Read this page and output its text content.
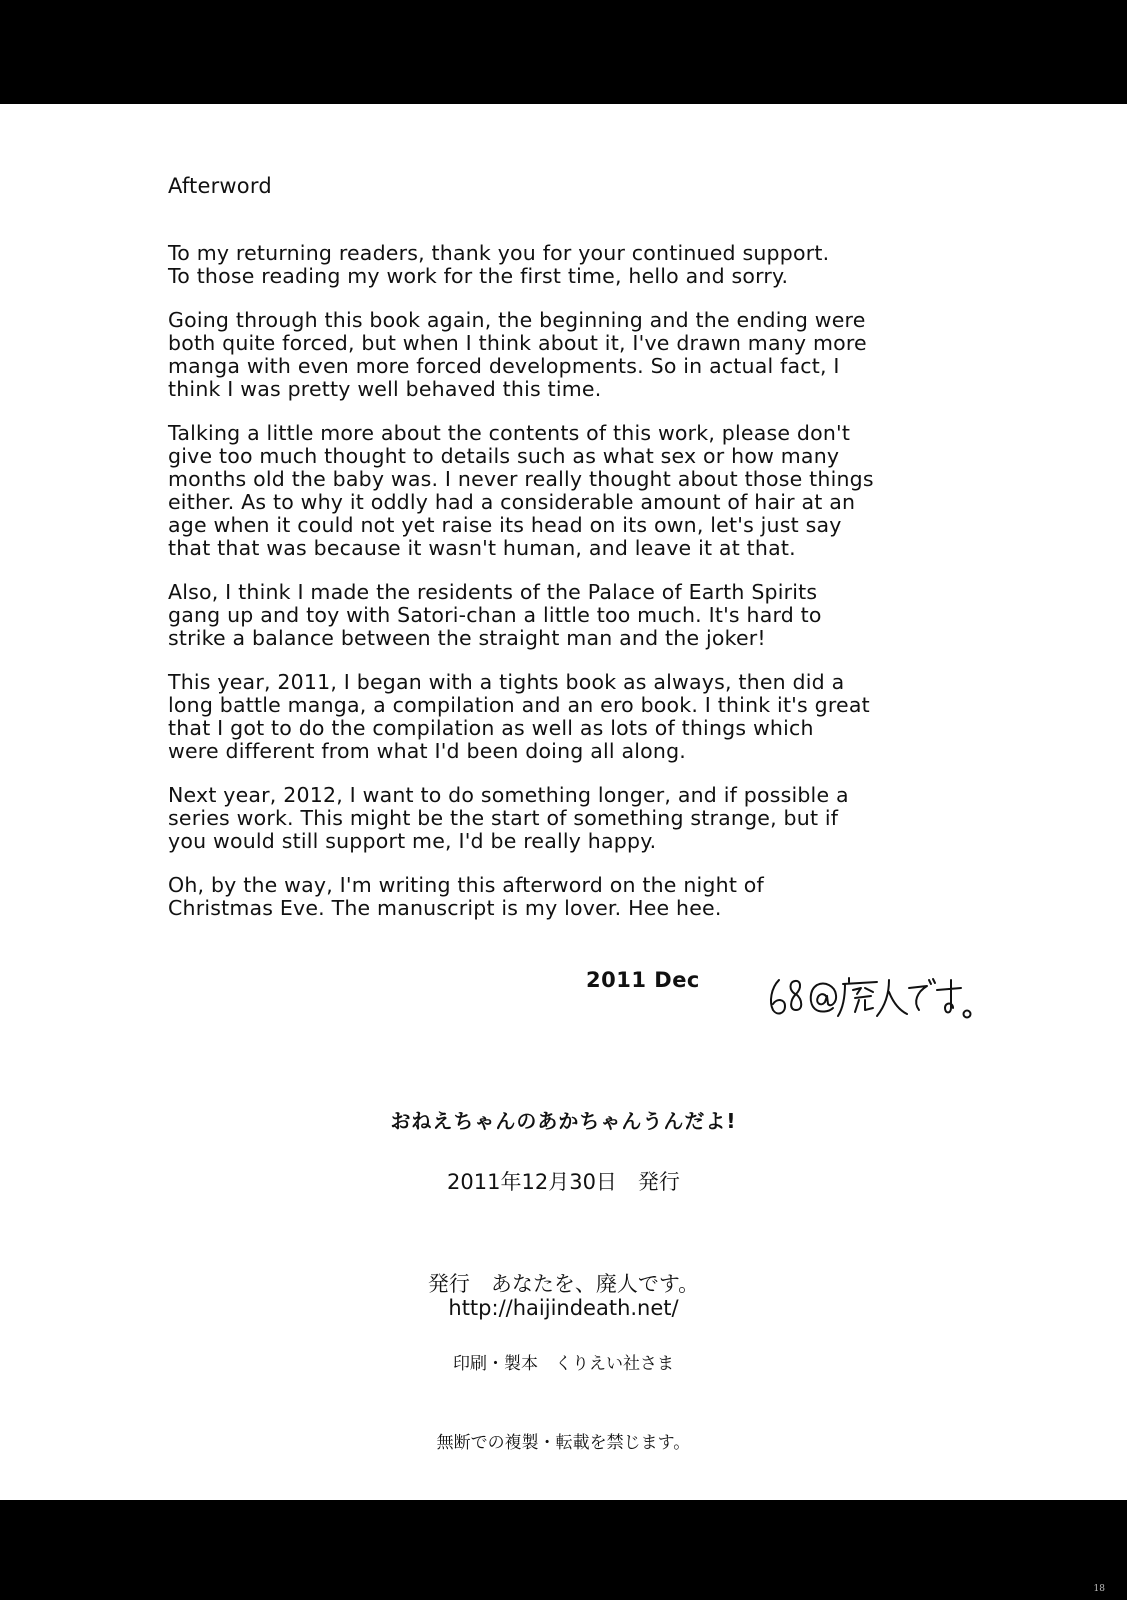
Afterword

To my returning readers, thank you for your continued support.
To those reading my work for the first time, hello and sorry.

Going through this book again, the beginning and the ending were
both quite forced, but when I think about it, I've drawn many more
manga with even more forced developments. So in actual fact, I
think I was pretty well behaved this time.

Talking a little more about the contents of this work, please don't
give too much thought to details such as what sex or how many
months old the baby was. I never really thought about those things
either. As to why it oddly had a considerable amount of hair at an
age when it could not yet raise its head on its own, let's just say
that that was because it wasn't human, and leave it at that.

Also, I think I made the residents of the Palace of Earth Spirits
gang up and toy with Satori-chan a little too much. It's hard to
strike a balance between the straight man and the joker!

This year, 2011, I began with a tights book as always, then did a
long battle manga, a compilation and an ero book. I think it's great
that I got to do the compilation as well as lots of things which
were different from what I'd been doing all along.

Next year, 2012, I want to do something longer, and if possible a
series work. This might be the start of something strange, but if
you would still support me, I'd be really happy.

Oh, by the way, I'm writing this afterword on the night of
Christmas Eve. The manuscript is my lover. Hee hee.

2011 Dec
おねえちゃんのあかちゃんうんだよ!
2011年12月30日　発行
発行　あなたを、廃人です。
http://haijindeath.net/
印刷・製本　くりえい社さま
無断での複製・転載を禁じます。
18
